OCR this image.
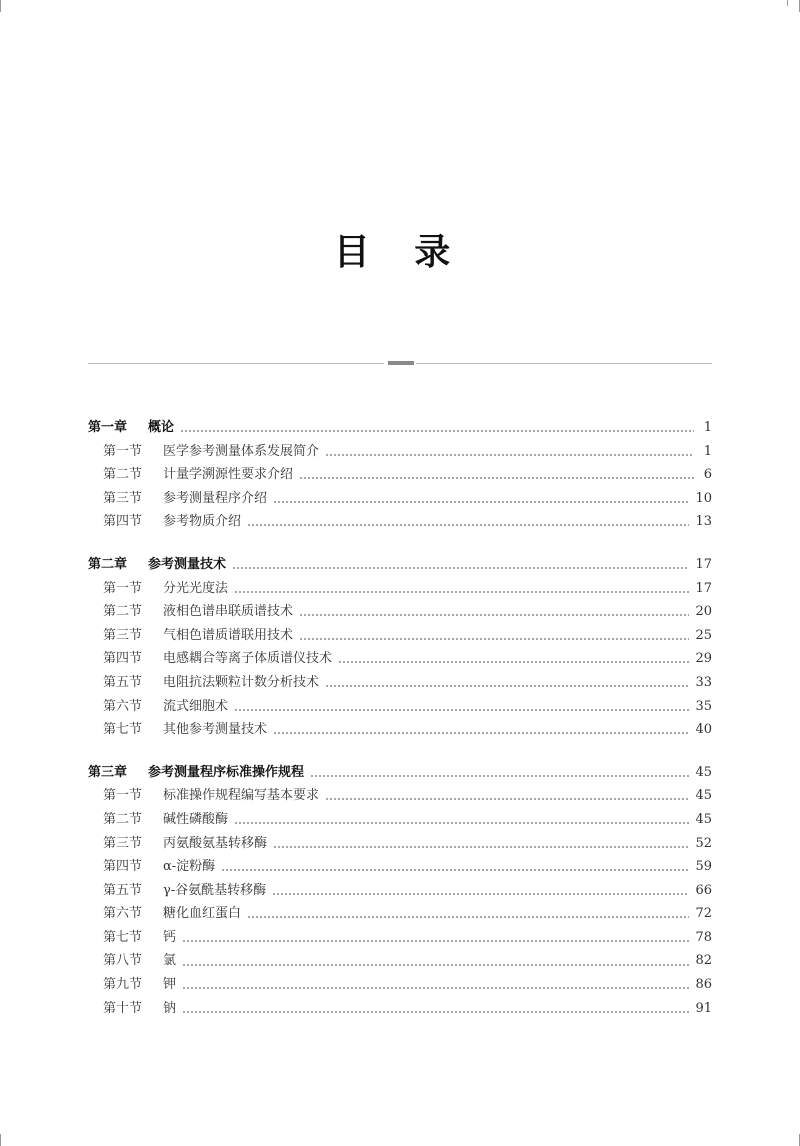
目 录
第一章	概论	1
第一节	医学参考测量体系发展简介	1
第二节	计量学溯源性要求介绍	6
第三节	参考测量程序介绍	10
第四节	参考物质介绍	13
第二章	参考测量技术	17
第一节	分光光度法	17
第二节	液相色谱串联质谱技术	20
第三节	气相色谱质谱联用技术	25
第四节	电感耦合等离子体质谱仪技术	29
第五节	电阻抗法颗粒计数分析技术	33
第六节	流式细胞术	35
第七节	其他参考测量技术	40
第三章	参考测量程序标准操作规程	45
第一节	标准操作规程编写基本要求	45
第二节	碱性磷酸酶	45
第三节	丙氨酸氨基转移酶	52
第四节	α-淀粉酶	59
第五节	γ-谷氨酰基转移酶	66
第六节	糖化血红蛋白	72
第七节	钙	78
第八节	氯	82
第九节	钾	86
第十节	钠	91
